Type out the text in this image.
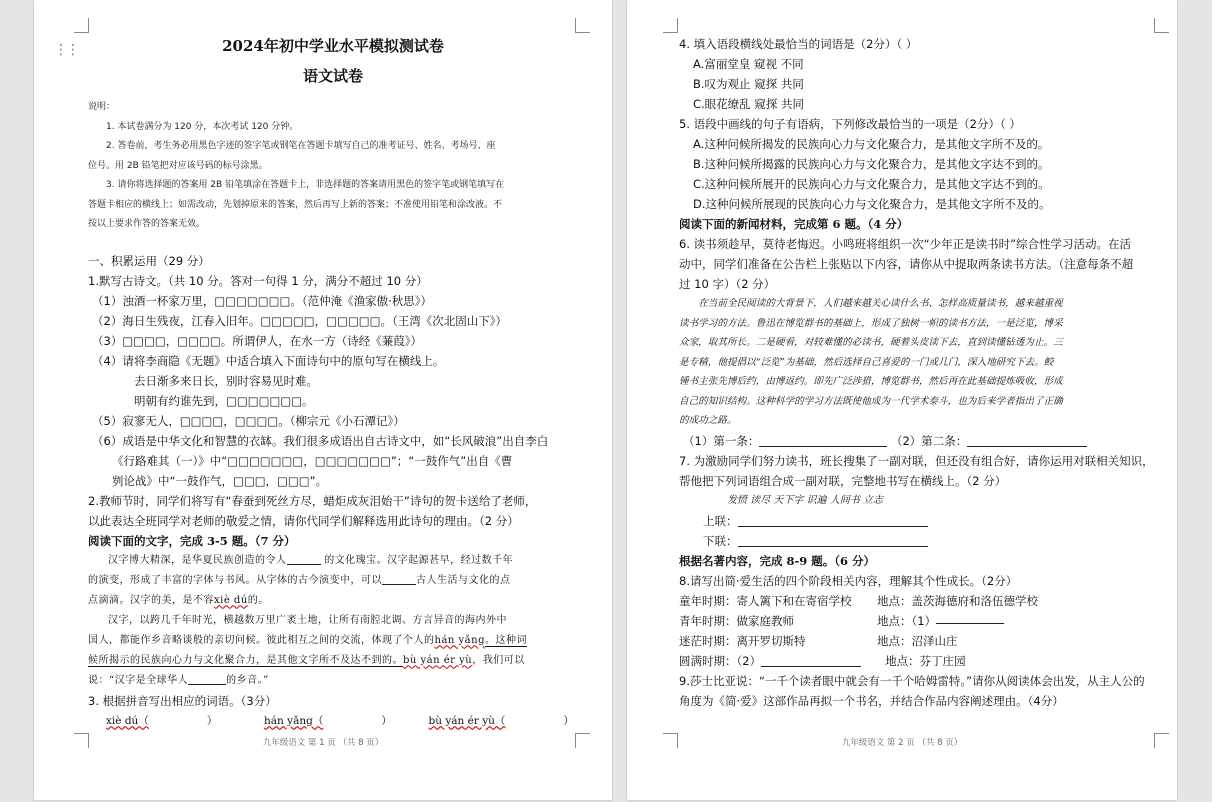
⋮⋮	2024年初中学业水平模拟测试卷

语文试卷

说明：
1. 本试卷满分为 120 分，本次考试 120 分钟。
2. 答卷前，考生务必用黑色字迹的签字笔或钢笔在答题卡填写自己的准考证号、姓名、考场号、座
位号。用 2B 铅笔把对应该号码的标号涂黑。
3. 请你将选择题的答案用 2B 铅笔填涂在答题卡上，非选择题的答案请用黑色的签字笔或钢笔填写在
答题卡相应的横线上；如需改动，先划掉原来的答案，然后再写上新的答案；不准使用铅笔和涂改液。不
按以上要求作答的答案无效。
一、积累运用（29 分）
1.默写古诗文。（共 10 分。答对一句得 1 分，满分不超过 10 分）
（1）浊酒一杯家万里，□□□□□□□。（范仲淹《渔家傲·秋思》）
（2）海日生残夜，江春入旧年。□□□□□，□□□□□。（王湾《次北固山下》）
（3）□□□□，□□□□。所谓伊人，在水一方（诗经《蒹葭》）
（4）请将李商隐《无题》中适合填入下面诗句中的原句写在横线上。
去日渐多来日长，别时容易见时难。
明朝有约谁先到，□□□□□□□。
（5）寂寥无人，□□□□，□□□□。（柳宗元《小石潭记》）
（6）成语是中华文化和智慧的衣缽。我们很多成语出自古诗文中，如“长风破浪”出自李白
《行路难其（一）》中“□□□□□□□，□□□□□□□”；“一鼓作气”出自《曹
刿论战》中“一鼓作气，□□□，□□□”。
2.教师节时，同学们将写有“春蚕到死丝方尽，蜡炬成灰泪始干”诗句的贺卡送给了老师，
以此表达全班同学对老师的敬爱之情，请你代同学们解释选用此诗句的理由。（2 分）
阅读下面的文字，完成 3-5 题。（7 分）
汉字博大精深，是华夏民族创造的令人	的文化瑰宝。汉字起源甚早，经过数千年
的演变，形成了丰富的字体与书风。从字体的古今演变中，可以	古人生活与文化的点
点滴滴。汉字的美，是不容xiè dú的。
汉字，以跨几千年时光，横越数万里广袤土地，让所有南腔北调、方言异音的海内外中
国人，都能作乡音略谈般的亲切问候。彼此相互之间的交流，体现了个人的hán yǎng。这种词
候所揭示的民族向心力与文化聚合力，是其他文字所不及达不到的。bù yán ér yù，我们可以
说：“汉字是全球华人	的乡音。”
3. 根据拼音写出相应的词语。（3分）
xiè dú（	）	hán yǎng（	）	bù yán ér yù（	）
九年级语文 第 1 页 （共 8 页）
4. 填入语段横线处最恰当的词语是（2分）（ ）
A.富丽堂皇 窥视 不同
B.叹为观止 窥探 共同
C.眼花缭乱 窥探 共同
5. 语段中画线的句子有语病，下列修改最恰当的一项是（2分）（ ）
A.这种问候所揭发的民族向心力与文化聚合力，是其他文字所不及的。
B.这种问候所揭露的民族向心力与文化聚合力，是其他文字达不到的。
C.这种问候所展开的民族向心力与文化聚合力，是其他文字达不到的。
D.这种问候所展现的民族向心力与文化聚合力，是其他文字所不及的。
阅读下面的新闻材料，完成第 6 题。（4 分）
6. 读书须趁早，莫待老悔迟。小鸣班将组织一次“少年正是读书时”综合性学习活动。在活
动中，同学们准备在公告栏上张贴以下内容，请你从中提取两条读书方法。（注意每条不超
过 10 字）（2 分）
在当前全民阅读的大背景下，人们越来越关心读什么书、怎样高质量读书，越来越重视
读书学习的方法。鲁迅在博览群书的基础上，形成了独树一帜的读书方法，一是泛览，博采
众家，取其所长。二是硬看，对较难懂的必读书，硬着头皮读下去，直到读懂钻透为止。三
是专精，他提倡以“泛览”为基础，然后选择自己喜爱的一门或几门，深入地研究下去。鲛
锺书主张先博后约，由博返约。即先广泛涉猎，博览群书，然后再在此基础提炼吸收，形成
自己的知识结构。这种科学的学习方法既使他成为一代学术泰斗，也为后来学者指出了正确
的成功之路。
（1）第一条：	（2）第二条：
7. 为激励同学们努力读书，班长搜集了一副对联，但还没有组合好，请你运用对联相关知识，
帮他把下列词语组合成一副对联，完整地书写在横线上。（2 分）
发愤 读尽 天下字 识遍 人间书 立志
上联：
下联：
根据名著内容，完成 8-9 题。（6 分）
8.请写出简·爱生活的四个阶段相关内容，理解其个性成长。（2分）
童年时期：寄人篱下和在寄宿学校	地点：盖茨海德府和洛伍德学校
青年时期：做家庭教师	地点：（1）
迷茫时期：离开罗切斯特	地点：沼泽山庄
圆满时期：（2）	地点：芬丁庄园
9.莎士比亚说：“一千个读者眼中就会有一千个哈姆雷特。”请你从阅读体会出发，从主人公的
角度为《简·爱》这部作品再拟一个书名，并结合作品内容阐述理由。（4分）
九年级语文 第 2 页 （共 8 页）
